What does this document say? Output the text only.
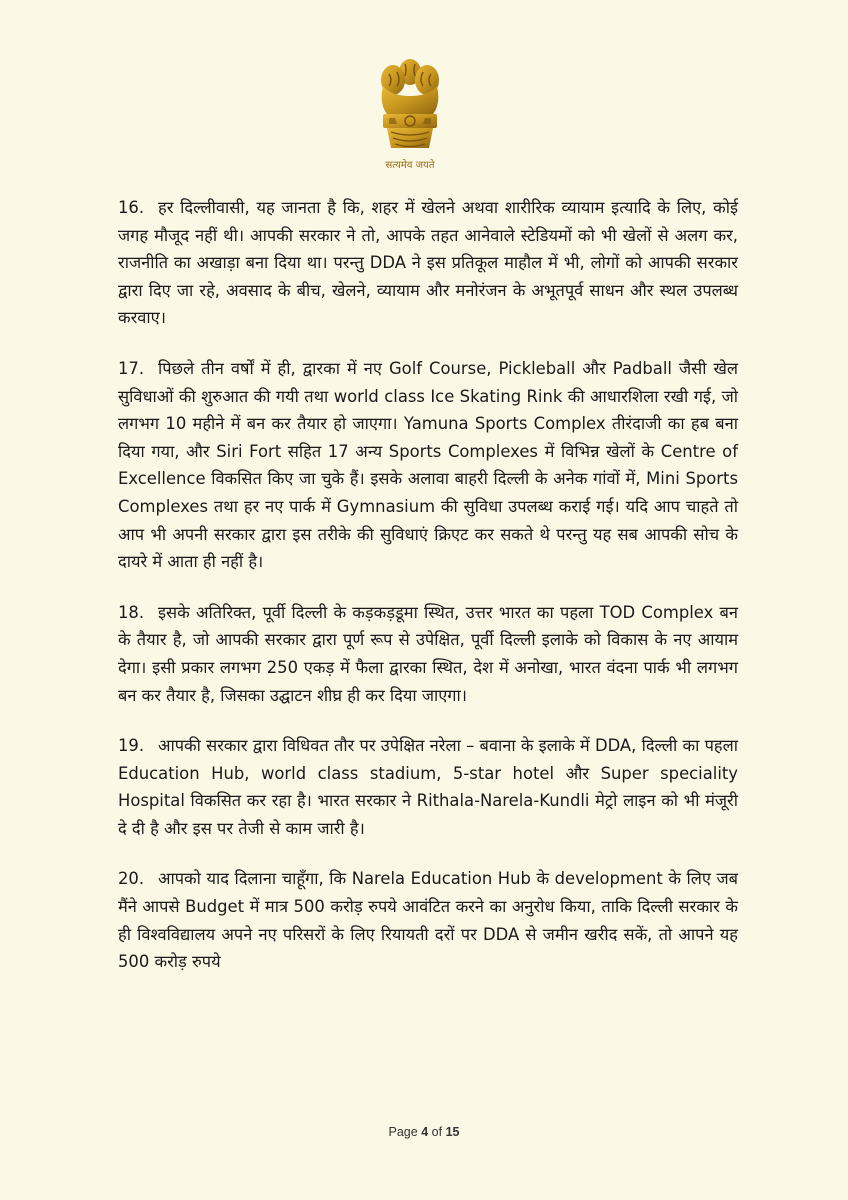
सत्यमेव जयते

16. हर दिल्लीवासी, यह जानता है कि, शहर में खेलने अथवा शारीरिक व्यायाम इत्यादि के लिए, कोई जगह मौजूद नहीं थी। आपकी सरकार ने तो, आपके तहत आनेवाले स्टेडियमों को भी खेलों से अलग कर, राजनीति का अखाड़ा बना दिया था। परन्तु DDA ने इस प्रतिकूल माहौल में भी, लोगों को आपकी सरकार द्वारा दिए जा रहे, अवसाद के बीच, खेलने, व्यायाम और मनोरंजन के अभूतपूर्व साधन और स्थल उपलब्ध करवाए।

17. पिछले तीन वर्षों में ही, द्वारका में नए Golf Course, Pickleball और Padball जैसी खेल सुविधाओं की शुरुआत की गयी तथा world class Ice Skating Rink की आधारशिला रखी गई, जो लगभग 10 महीने में बन कर तैयार हो जाएगा। Yamuna Sports Complex तीरंदाजी का हब बना दिया गया, और Siri Fort सहित 17 अन्य Sports Complexes में विभिन्न खेलों के Centre of Excellence विकसित किए जा चुके हैं। इसके अलावा बाहरी दिल्ली के अनेक गांवों में, Mini Sports Complexes तथा हर नए पार्क में Gymnasium की सुविधा उपलब्ध कराई गई। यदि आप चाहते तो आप भी अपनी सरकार द्वारा इस तरीके की सुविधाएं क्रिएट कर सकते थे परन्तु यह सब आपकी सोच के दायरे में आता ही नहीं है।

18. इसके अतिरिक्त, पूर्वी दिल्ली के कड़कड़डूमा स्थित, उत्तर भारत का पहला TOD Complex बन के तैयार है, जो आपकी सरकार द्वारा पूर्ण रूप से उपेक्षित, पूर्वी दिल्ली इलाके को विकास के नए आयाम देगा। इसी प्रकार लगभग 250 एकड़ में फैला द्वारका स्थित, देश में अनोखा, भारत वंदना पार्क भी लगभग बन कर तैयार है, जिसका उद्घाटन शीघ्र ही कर दिया जाएगा।

19. आपकी सरकार द्वारा विधिवत तौर पर उपेक्षित नरेला – बवाना के इलाके में DDA, दिल्ली का पहला Education Hub, world class stadium, 5-star hotel और Super speciality Hospital विकसित कर रहा है। भारत सरकार ने Rithala-Narela-Kundli मेट्रो लाइन को भी मंजूरी दे दी है और इस पर तेजी से काम जारी है।

20. आपको याद दिलाना चाहूँगा, कि Narela Education Hub के development के लिए जब मैंने आपसे Budget में मात्र 500 करोड़ रुपये आवंटित करने का अनुरोध किया, ताकि दिल्ली सरकार के ही विश्वविद्यालय अपने नए परिसरों के लिए रियायती दरों पर DDA से जमीन खरीद सकें, तो आपने यह 500 करोड़ रुपये

Page 4 of 15
